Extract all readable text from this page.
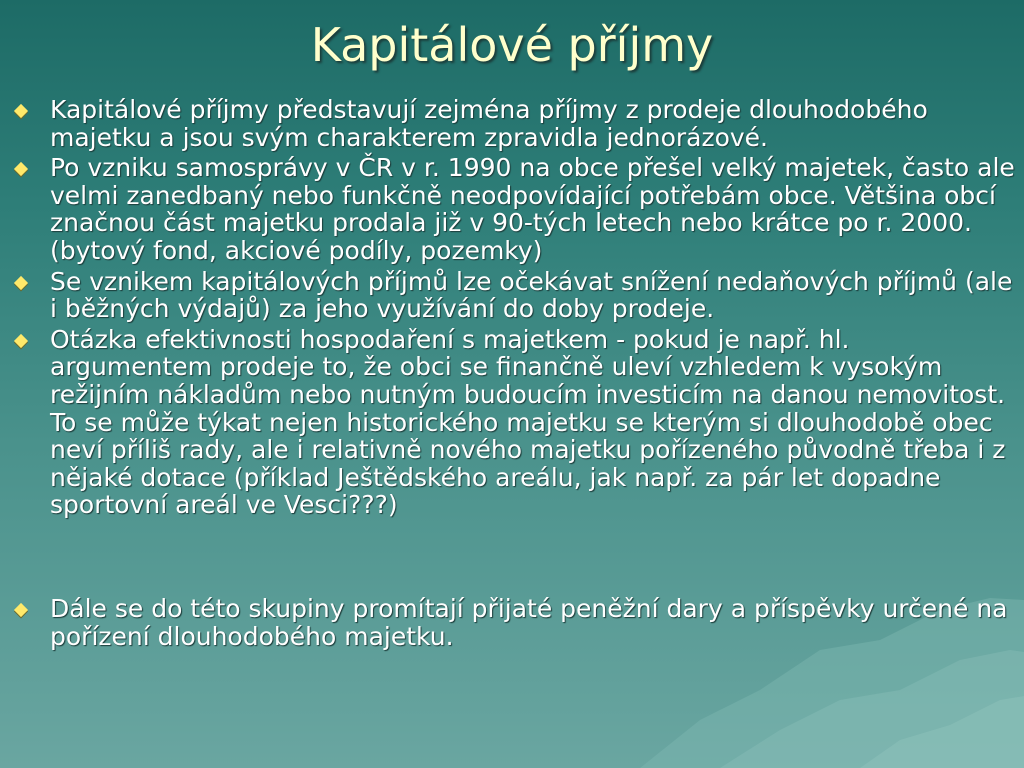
Kapitálové příjmy
Kapitálové příjmy představují zejména příjmy z prodeje dlouhodobého majetku a jsou svým charakterem zpravidla jednorázové.
Po vzniku samosprávy v ČR v r. 1990 na obce přešel velký majetek, často ale velmi zanedbaný nebo funkčně neodpovídající potřebám obce. Většina obcí značnou část majetku prodala již v 90-tých letech nebo krátce po r. 2000. (bytový fond, akciové podíly, pozemky)
Se vznikem kapitálových příjmů lze očekávat snížení nedaňových příjmů (ale i běžných výdajů) za jeho využívání do doby prodeje.
Otázka efektivnosti hospodaření s majetkem - pokud je např. hl. argumentem prodeje to, že obci se finančně uleví vzhledem k vysokým režijním nákladům nebo nutným budoucím investicím na danou nemovitost. To se může týkat nejen historického majetku se kterým si dlouhodobě obec neví příliš rady, ale i relativně nového majetku pořízeného původně třeba i z nějaké dotace (příklad Ještědského areálu, jak např. za pár let dopadne sportovní areál ve Vesci???)
Dále se do této skupiny promítají přijaté peněžní dary a příspěvky určené na pořízení dlouhodobého majetku.
